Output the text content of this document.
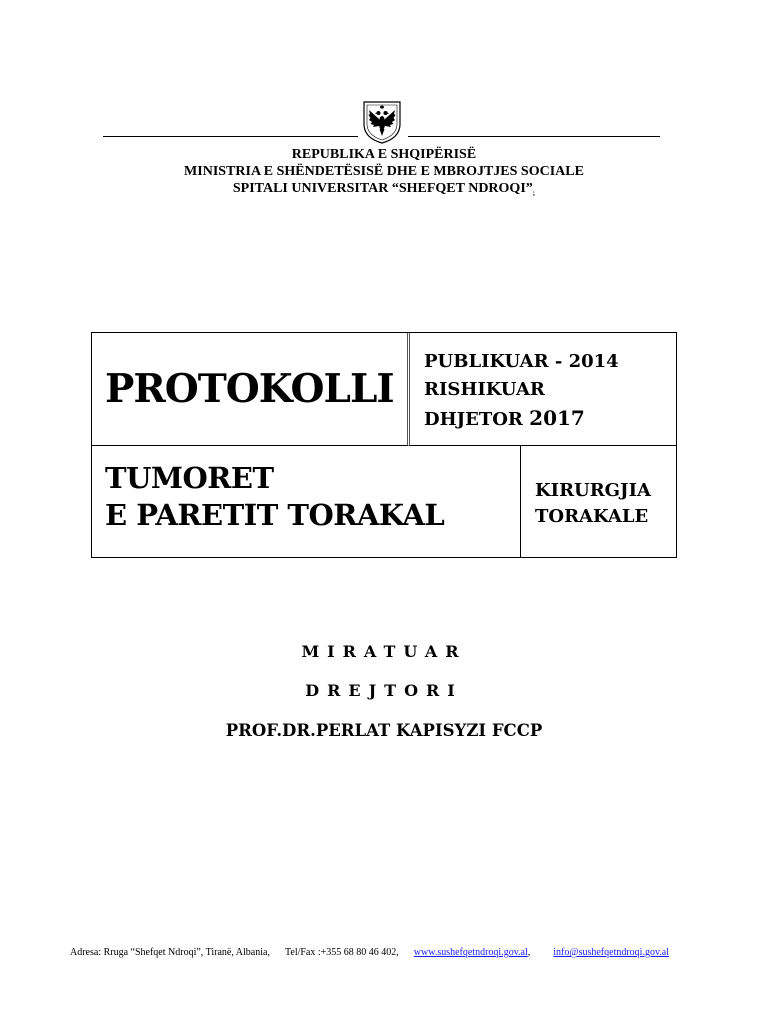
REPUBLIKA E SHQIPËRISË
MINISTRIA E SHËNDETËSISË DHE E MBROJTJES SOCIALE
SPITALI UNIVERSITAR “SHEFQET $NDROQI”_;$
PROTOKOLLI
PUBLIKUAR - 2014
RISHIKUAR
DHJETOR 2017
TUMORET
E PARETIT TORAKAL
KIRURGJIA
TORAKALE
MIRATUAR
DREJTORI
PROF.DR.PERLAT KAPISYZI FCCP
Adresa: Rruga “Shefqet Ndroqi”, Tiranë, Albania, Tel/Fax :+355 68 80 46 402, www.sushefqetndroqi.gov.al, info@sushefqetndroqi.gov.al
